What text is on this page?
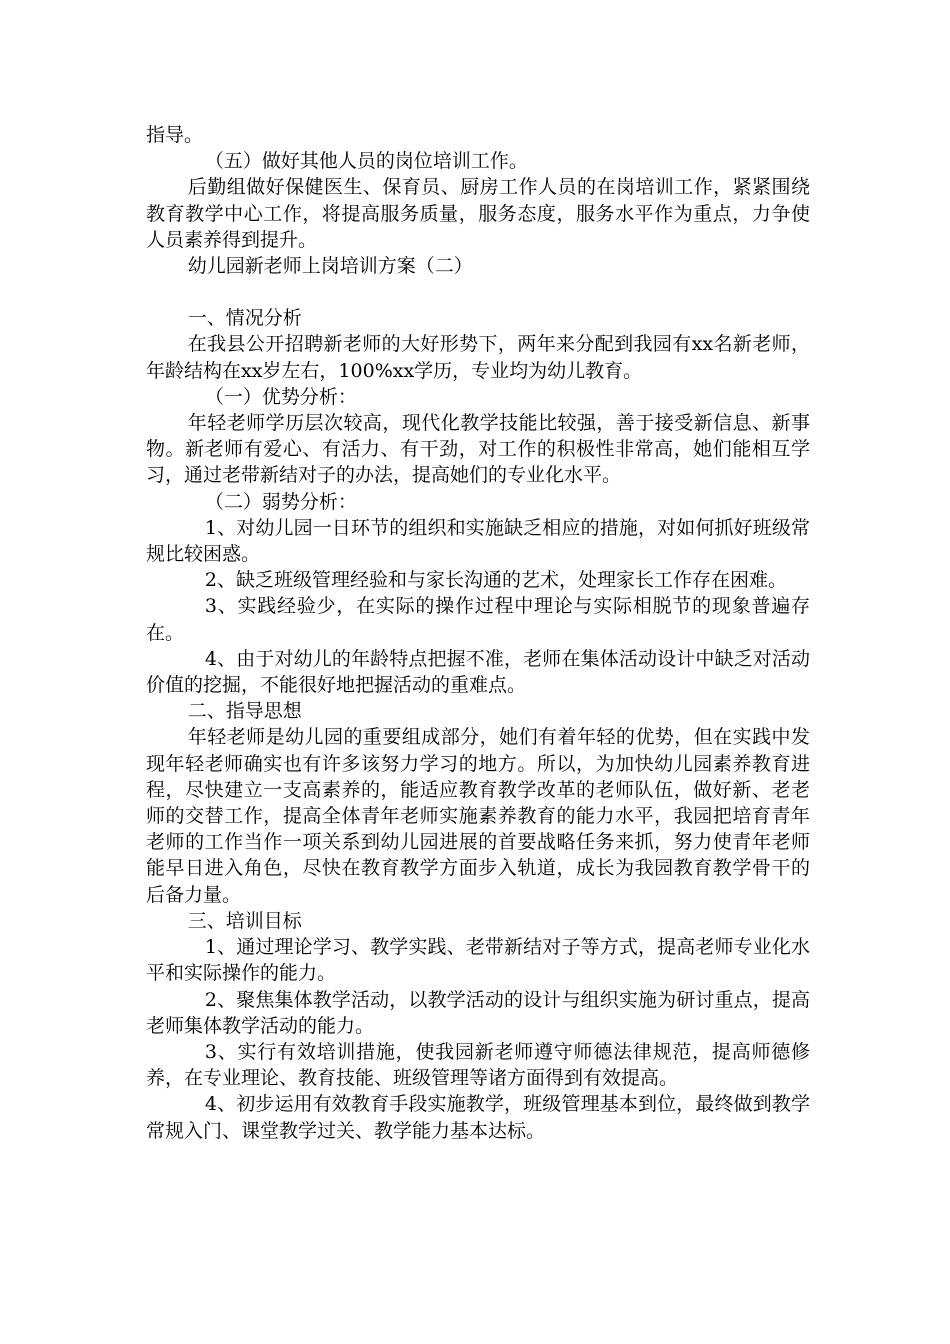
指导。

（五）做好其他人员的岗位培训工作。

后勤组做好保健医生、保育员、厨房工作人员的在岗培训工作，紧紧围绕教育教学中心工作，将提高服务质量，服务态度，服务水平作为重点，力争使人员素养得到提升。

幼儿园新老师上岗培训方案（二）

一、情况分析

在我县公开招聘新老师的大好形势下，两年来分配到我园有xx名新老师，年龄结构在xx岁左右，100%xx学历，专业均为幼儿教育。

（一）优势分析：

年轻老师学历层次较高，现代化教学技能比较强，善于接受新信息、新事物。新老师有爱心、有活力、有干劲，对工作的积极性非常高，她们能相互学习，通过老带新结对子的办法，提高她们的专业化水平。

（二）弱势分析：

1、对幼儿园一日环节的组织和实施缺乏相应的措施，对如何抓好班级常规比较困惑。

2、缺乏班级管理经验和与家长沟通的艺术，处理家长工作存在困难。

3、实践经验少，在实际的操作过程中理论与实际相脱节的现象普遍存在。

4、由于对幼儿的年龄特点把握不准，老师在集体活动设计中缺乏对活动价值的挖掘，不能很好地把握活动的重难点。

二、指导思想

年轻老师是幼儿园的重要组成部分，她们有着年轻的优势，但在实践中发现年轻老师确实也有许多该努力学习的地方。所以，为加快幼儿园素养教育进程，尽快建立一支高素养的，能适应教育教学改革的老师队伍，做好新、老老师的交替工作，提高全体青年老师实施素养教育的能力水平，我园把培育青年老师的工作当作一项关系到幼儿园进展的首要战略任务来抓，努力使青年老师能早日进入角色，尽快在教育教学方面步入轨道，成长为我园教育教学骨干的后备力量。

三、培训目标

1、通过理论学习、教学实践、老带新结对子等方式，提高老师专业化水平和实际操作的能力。

2、聚焦集体教学活动，以教学活动的设计与组织实施为研讨重点，提高老师集体教学活动的能力。

3、实行有效培训措施，使我园新老师遵守师德法律规范，提高师德修养，在专业理论、教育技能、班级管理等诸方面得到有效提高。

4、初步运用有效教育手段实施教学，班级管理基本到位，最终做到教学常规入门、课堂教学过关、教学能力基本达标。
